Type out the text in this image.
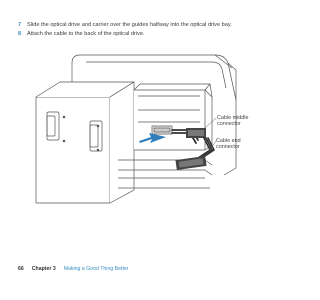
7	Slide the optical drive and carrier over the guides halfway into the optical drive bay.
8	Attach the cable to the back of the optical drive.
Cable middle
connector
Cable end
connector
66 Chapter 3 Making a Good Thing Better
